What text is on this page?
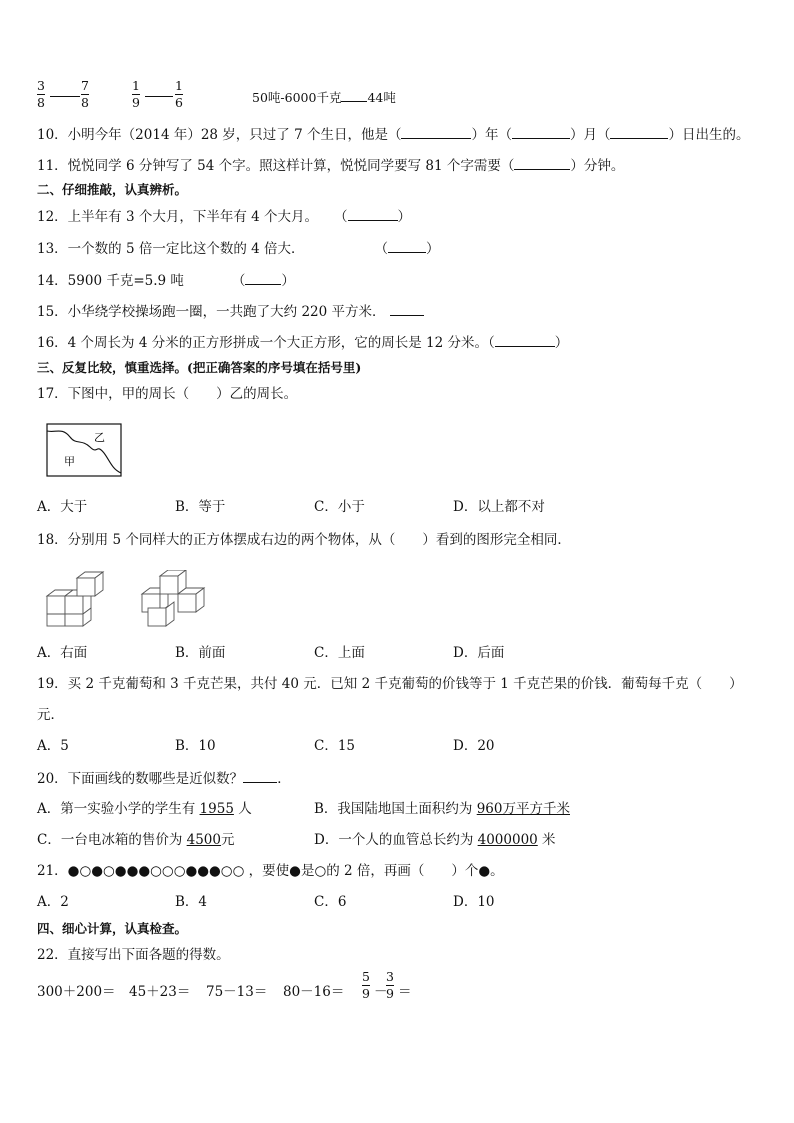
3
8
7
8
1
9
1
6	50吨-6000千克 44吨
10．小明今年（2014 年）28 岁，只过了 7 个生日，他是（	）年（	）月（	）日出生的。
11．悦悦同学 6 分钟写了 54 个字。照这样计算，悦悦同学要写 81 个字需要（	）分钟。
二、仔细推敲，认真辨析。
12．上半年有 3 个大月，下半年有 4 个大月。 （	）
13．一个数的 5 倍一定比这个数的 4 倍大．	（	）
14．5900 千克=5.9 吨	（	）
15．小华绕学校操场跑一圈，一共跑了大约 220 平方米．
16．4 个周长为 4 分米的正方形拼成一个大正方形，它的周长是 12 分米。（	）
三、反复比较，慎重选择。(把正确答案的序号填在括号里)
17．下图中，甲的周长（　　）乙的周长。
甲
乙
A．大于	B．等于	C．小于	D．以上都不对
18．分别用 5 个同样大的正方体摆成右边的两个物体，从（　　）看到的图形完全相同．
A．右面	B．前面	C．上面	D．后面
19．买 2 千克葡萄和 3 千克芒果，共付 40 元．已知 2 千克葡萄的价钱等于 1 千克芒果的价钱．葡萄每千克（　　）
元．
A．5	B．10	C．15	D．20
20．下面画线的数哪些是近似数？	．
A．第一实验小学的学生有 1955 人	B．我国陆地国土面积约为 960万平方千米
C．一台电冰箱的售价为 4500元	D．一个人的血管总长约为 4000000 米
21．●○●○●●●○○○●●●○○ ，要使●是○的 2 倍，再画（　　）个●。
A．2	B．4	C．6	D．10
四、细心计算，认真检查。
22．直接写出下面各题的得数。
300＋200＝ 45＋23＝ 75－13＝ 80－16＝
5
9 －
3
9 ＝
